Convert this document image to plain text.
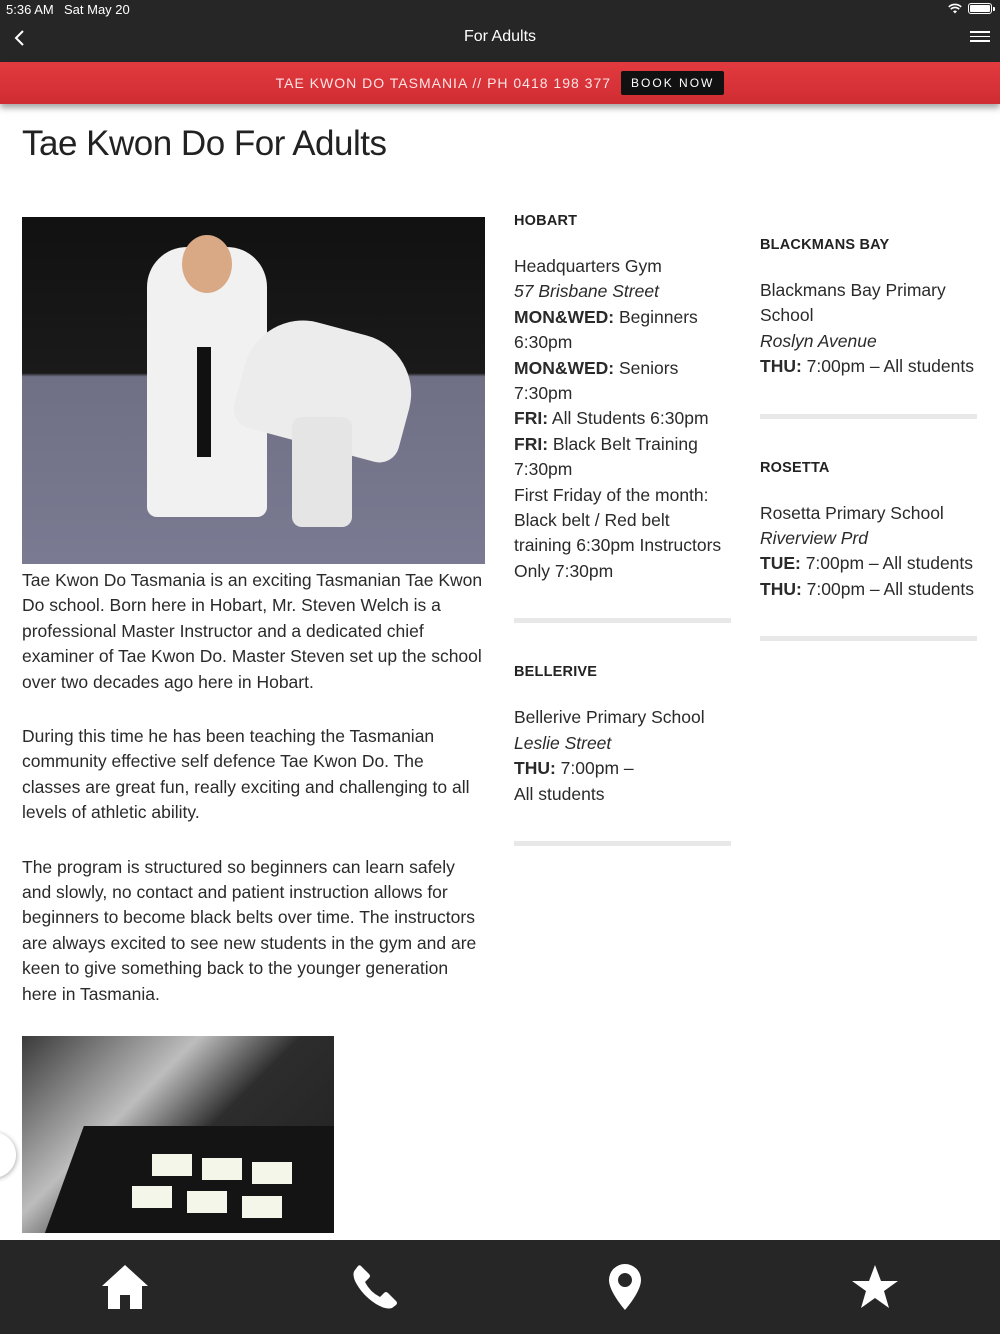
5:36 AM Sat May 20
For Adults
TAE KWON DO TASMANIA // PH 0418 198 377	BOOK NOW
Tae Kwon Do For Adults

Tae Kwon Do Tasmania is an exciting Tasmanian Tae Kwon Do school. Born here in Hobart, Mr. Steven Welch is a professional Master Instructor and a dedicated chief examiner of Tae Kwon Do. Master Steven set up the school over two decades ago here in Hobart.

During this time he has been teaching the Tasmanian community effective self defence Tae Kwon Do. The classes are great fun, really exciting and challenging to all levels of athletic ability.

The program is structured so beginners can learn safely and slowly, no contact and patient instruction allows for beginners to become black belts over time. The instructors are always excited to see new students in the gym and are keen to give something back to the younger generation here in Tasmania.

HOBART
Headquarters Gym
57 Brisbane Street
MON&WED: Beginners 6:30pm
MON&WED: Seniors 7:30pm
FRI: All Students 6:30pm
FRI: Black Belt Training 7:30pm
First Friday of the month: Black belt / Red belt training 6:30pm Instructors Only 7:30pm
BELLERIVE
Bellerive Primary School
Leslie Street
THU: 7:00pm – All students
BLACKMANS BAY
Blackmans Bay Primary School
Roslyn Avenue
THU: 7:00pm – All students
ROSETTA
Rosetta Primary School
Riverview Prd
TUE: 7:00pm – All students
THU: 7:00pm – All students
